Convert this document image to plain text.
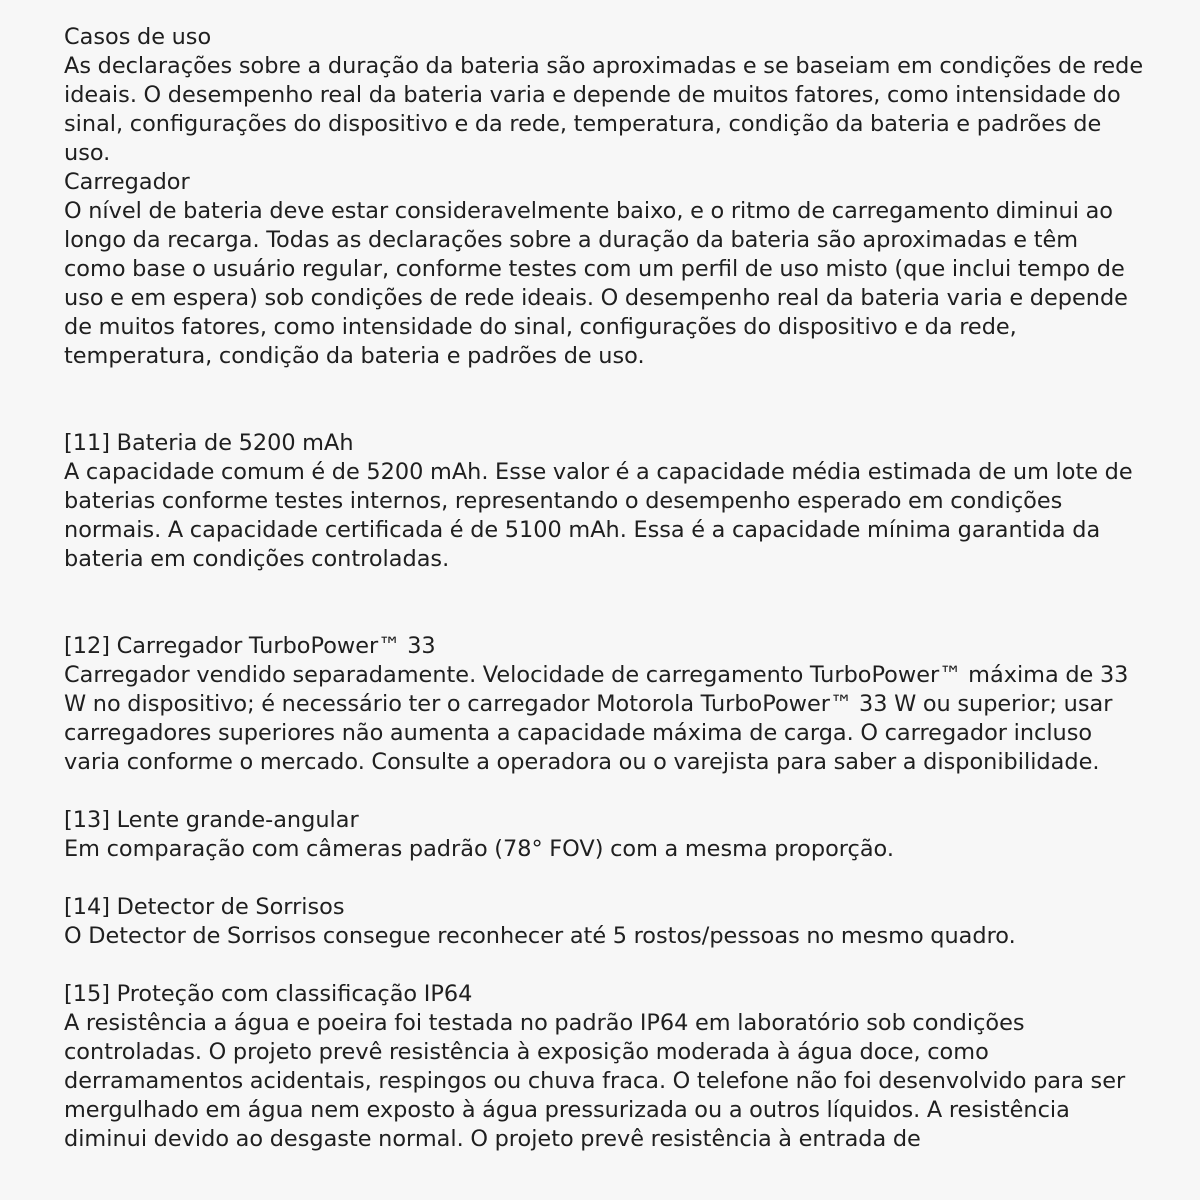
Casos de uso
As declarações sobre a duração da bateria são aproximadas e se baseiam em condições de rede ideais. O desempenho real da bateria varia e depende de muitos fatores, como intensidade do sinal, configurações do dispositivo e da rede, temperatura, condição da bateria e padrões de uso.
Carregador
O nível de bateria deve estar consideravelmente baixo, e o ritmo de carregamento diminui ao longo da recarga. Todas as declarações sobre a duração da bateria são aproximadas e têm como base o usuário regular, conforme testes com um perfil de uso misto (que inclui tempo de uso e em espera) sob condições de rede ideais. O desempenho real da bateria varia e depende de muitos fatores, como intensidade do sinal, configurações do dispositivo e da rede, temperatura, condição da bateria e padrões de uso.
[11] Bateria de 5200 mAh
A capacidade comum é de 5200 mAh. Esse valor é a capacidade média estimada de um lote de baterias conforme testes internos, representando o desempenho esperado em condições normais. A capacidade certificada é de 5100 mAh. Essa é a capacidade mínima garantida da bateria em condições controladas.
[12] Carregador TurboPower™ 33
Carregador vendido separadamente. Velocidade de carregamento TurboPower™ máxima de 33 W no dispositivo; é necessário ter o carregador Motorola TurboPower™ 33 W ou superior; usar carregadores superiores não aumenta a capacidade máxima de carga. O carregador incluso varia conforme o mercado. Consulte a operadora ou o varejista para saber a disponibilidade.
[13] Lente grande-angular
Em comparação com câmeras padrão (78° FOV) com a mesma proporção.
[14] Detector de Sorrisos
O Detector de Sorrisos consegue reconhecer até 5 rostos/pessoas no mesmo quadro.
[15] Proteção com classificação IP64
A resistência a água e poeira foi testada no padrão IP64 em laboratório sob condições controladas. O projeto prevê resistência à exposição moderada à água doce, como derramamentos acidentais, respingos ou chuva fraca. O telefone não foi desenvolvido para ser mergulhado em água nem exposto à água pressurizada ou a outros líquidos. A resistência diminui devido ao desgaste normal. O projeto prevê resistência à entrada de
